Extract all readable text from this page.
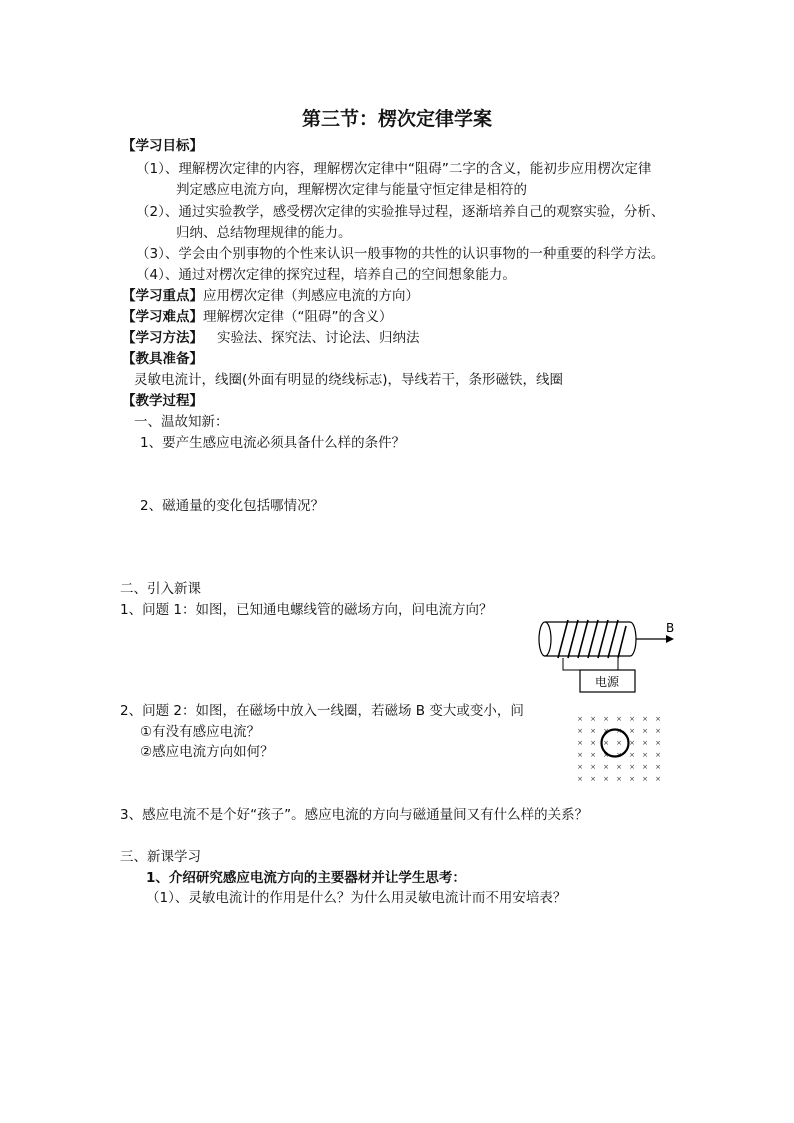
第三节：楞次定律学案
【学习目标】
（1）、理解楞次定律的内容，理解楞次定律中“阻碍”二字的含义，能初步应用楞次定律
判定感应电流方向，理解楞次定律与能量守恒定律是相符的
（2）、通过实验教学，感受楞次定律的实验推导过程，逐渐培养自己的观察实验，分析、
归纳、总结物理规律的能力。
（3）、学会由个别事物的个性来认识一般事物的共性的认识事物的一种重要的科学方法。
（4）、通过对楞次定律的探究过程，培养自己的空间想象能力。
【学习重点】应用楞次定律（判感应电流的方向）
【学习难点】理解楞次定律（“阻碍”的含义）
【学习方法】 实验法、探究法、讨论法、归纳法
【教具准备】
灵敏电流计，线圈(外面有明显的绕线标志)，导线若干，条形磁铁，线圈
【教学过程】
一、温故知新：
1、要产生感应电流必须具备什么样的条件？
2、磁通量的变化包括哪情况？
二、引入新课
1、问题 1：如图，已知通电螺线管的磁场方向，问电流方向？
电源
B
2、问题 2：如图，在磁场中放入一线圈，若磁场 B 变大或变小，问
①有没有感应电流？
②感应电流方向如何？
× × × × × × ×
× × × × × × ×
× × × × × × ×
× × × × × × ×
× × × × × × ×
× × × × × × ×
3、感应电流不是个好“孩子”。感应电流的方向与磁通量间又有什么样的关系？
三、新课学习
1、介绍研究感应电流方向的主要器材并让学生思考：
（1）、灵敏电流计的作用是什么？为什么用灵敏电流计而不用安培表？
